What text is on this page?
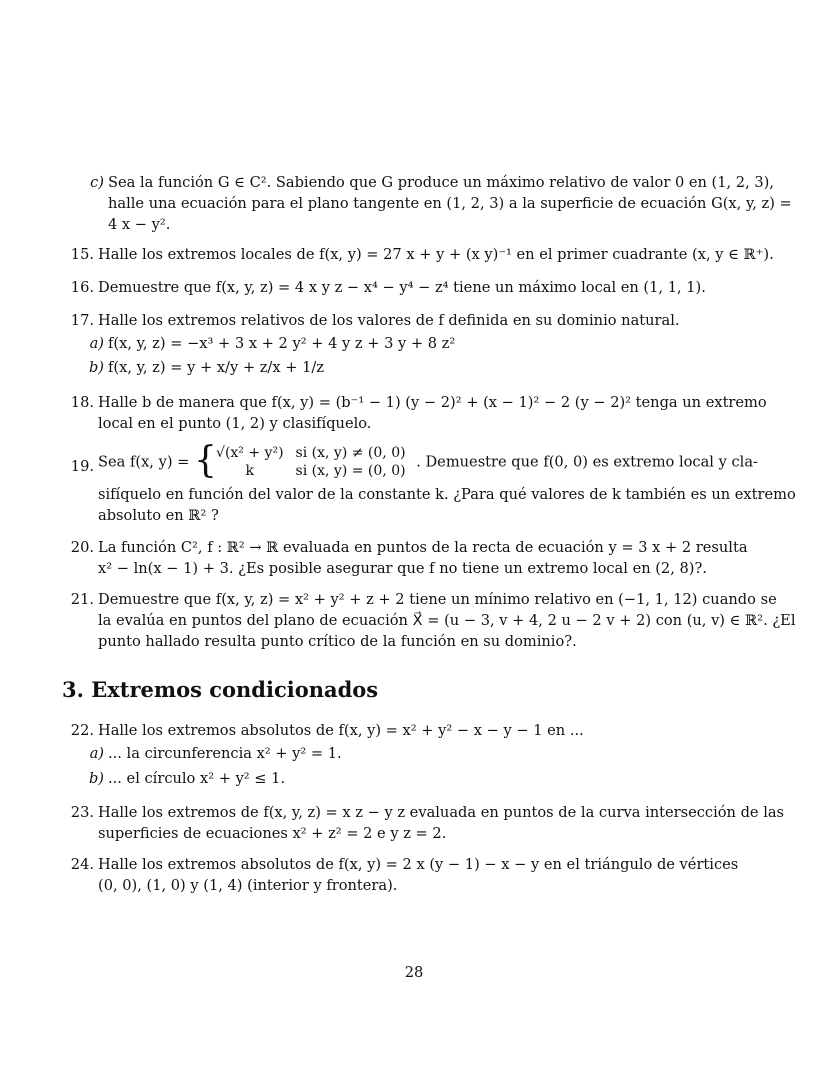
c) Sea la función G ∈ C². Sabiendo que G produce un máximo relativo de valor 0 en (1, 2, 3),
halle una ecuación para el plano tangente en (1, 2, 3) a la superficie de ecuación G(x, y, z) =
4 x − y².
15. Halle los extremos locales de f(x, y) = 27 x + y + (x y)⁻¹ en el primer cuadrante (x, y ∈ ℝ⁺).
16. Demuestre que f(x, y, z) = 4 x y z − x⁴ − y⁴ − z⁴ tiene un máximo local en (1, 1, 1).
17. Halle los extremos relativos de los valores de f definida en su dominio natural.
a) f(x, y, z) = −x³ + 3 x + 2 y² + 4 y z + 3 y + 8 z²
b) f(x, y, z) = y + x/y + z/x + 1/z
18. Halle b de manera que f(x, y) = (b⁻¹ − 1) (y − 2)² + (x − 1)² − 2 (y − 2)² tenga un extremo
local en el punto (1, 2) y clasifíquelo.
19. Sea f(x, y) = { √(x² + y²)	si (x, y) ≠ (0, 0)
k	si (x, y) = (0, 0)
. Demuestre que f(0, 0) es extremo local y cla-
sifíquelo en función del valor de la constante k. ¿Para qué valores de k también es un extremo
absoluto en ℝ² ?
20. La función C², f : ℝ² → ℝ evaluada en puntos de la recta de ecuación y = 3 x + 2 resulta
x² − ln(x − 1) + 3. ¿Es posible asegurar que f no tiene un extremo local en (2, 8)?.
21. Demuestre que f(x, y, z) = x² + y² + z + 2 tiene un mínimo relativo en (−1, 1, 12) cuando se
la evalúa en puntos del plano de ecuación X⃗ = (u − 3, v + 4, 2 u − 2 v + 2) con (u, v) ∈ ℝ². ¿El
punto hallado resulta punto crítico de la función en su dominio?.
3. Extremos condicionados
22. Halle los extremos absolutos de f(x, y) = x² + y² − x − y − 1 en ...
a) ... la circunferencia x² + y² = 1.
b) ... el círculo x² + y² ≤ 1.
23. Halle los extremos de f(x, y, z) = x z − y z evaluada en puntos de la curva intersección de las
superficies de ecuaciones x² + z² = 2 e y z = 2.
24. Halle los extremos absolutos de f(x, y) = 2 x (y − 1) − x − y en el triángulo de vértices
(0, 0), (1, 0) y (1, 4) (interior y frontera).
28
